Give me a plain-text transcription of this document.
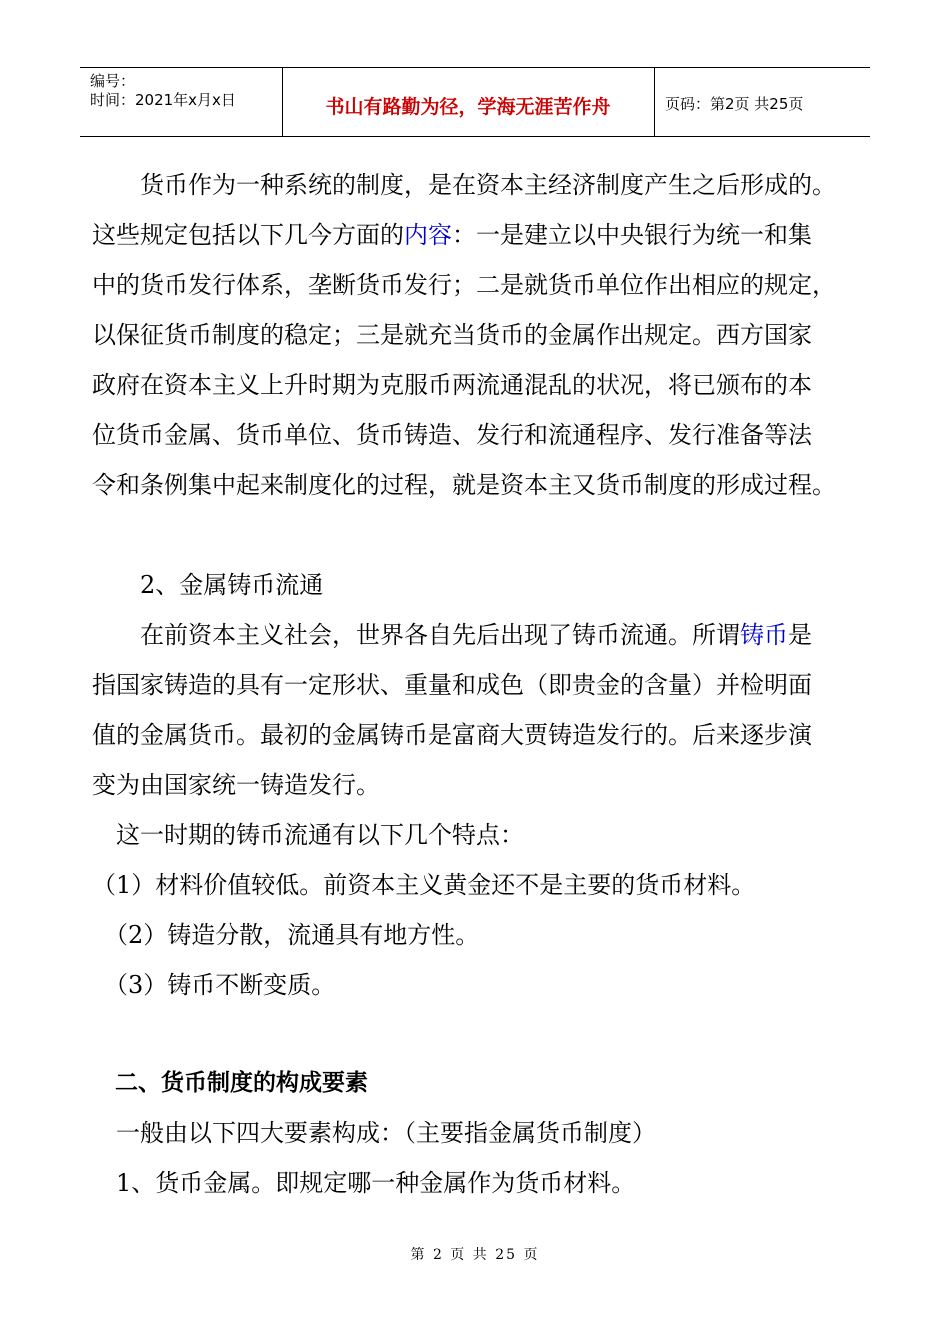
编号：
时间：2021年x月x日	书山有路勤为径，学海无涯苦作舟	页码：第2页 共25页
　　货币作为一种系统的制度，是在资本主经济制度产生之后形成的。
这些规定包括以下几今方面的内容：一是建立以中央银行为统一和集
中的货币发行体系，垄断货币发行；二是就货币单位作出相应的规定，
以保征货币制度的稳定；三是就充当货币的金属作出规定。西方国家
政府在资本主义上升时期为克服币两流通混乱的状况，将已颁布的本
位货币金属、货币单位、货币铸造、发行和流通程序、发行准备等法
令和条例集中起来制度化的过程，就是资本主又货币制度的形成过程。
　　2、金属铸币流通
　　在前资本主义社会，世界各自先后出现了铸币流通。所谓铸币是
指国家铸造的具有一定形状、重量和成色（即贵金的含量）并检明面
值的金属货币。最初的金属铸币是富商大贾铸造发行的。后来逐步演
变为由国家统一铸造发行。
　这一时期的铸币流通有以下几个特点：
（1）材料价值较低。前资本主义黄金还不是主要的货币材料。
　（2）铸造分散，流通具有地方性。
　（3）铸币不断变质。
　二、货币制度的构成要素
　一般由以下四大要素构成：（主要指金属货币制度）
　1、货币金属。即规定哪一种金属作为货币材料。
第 2 页 共 25 页
